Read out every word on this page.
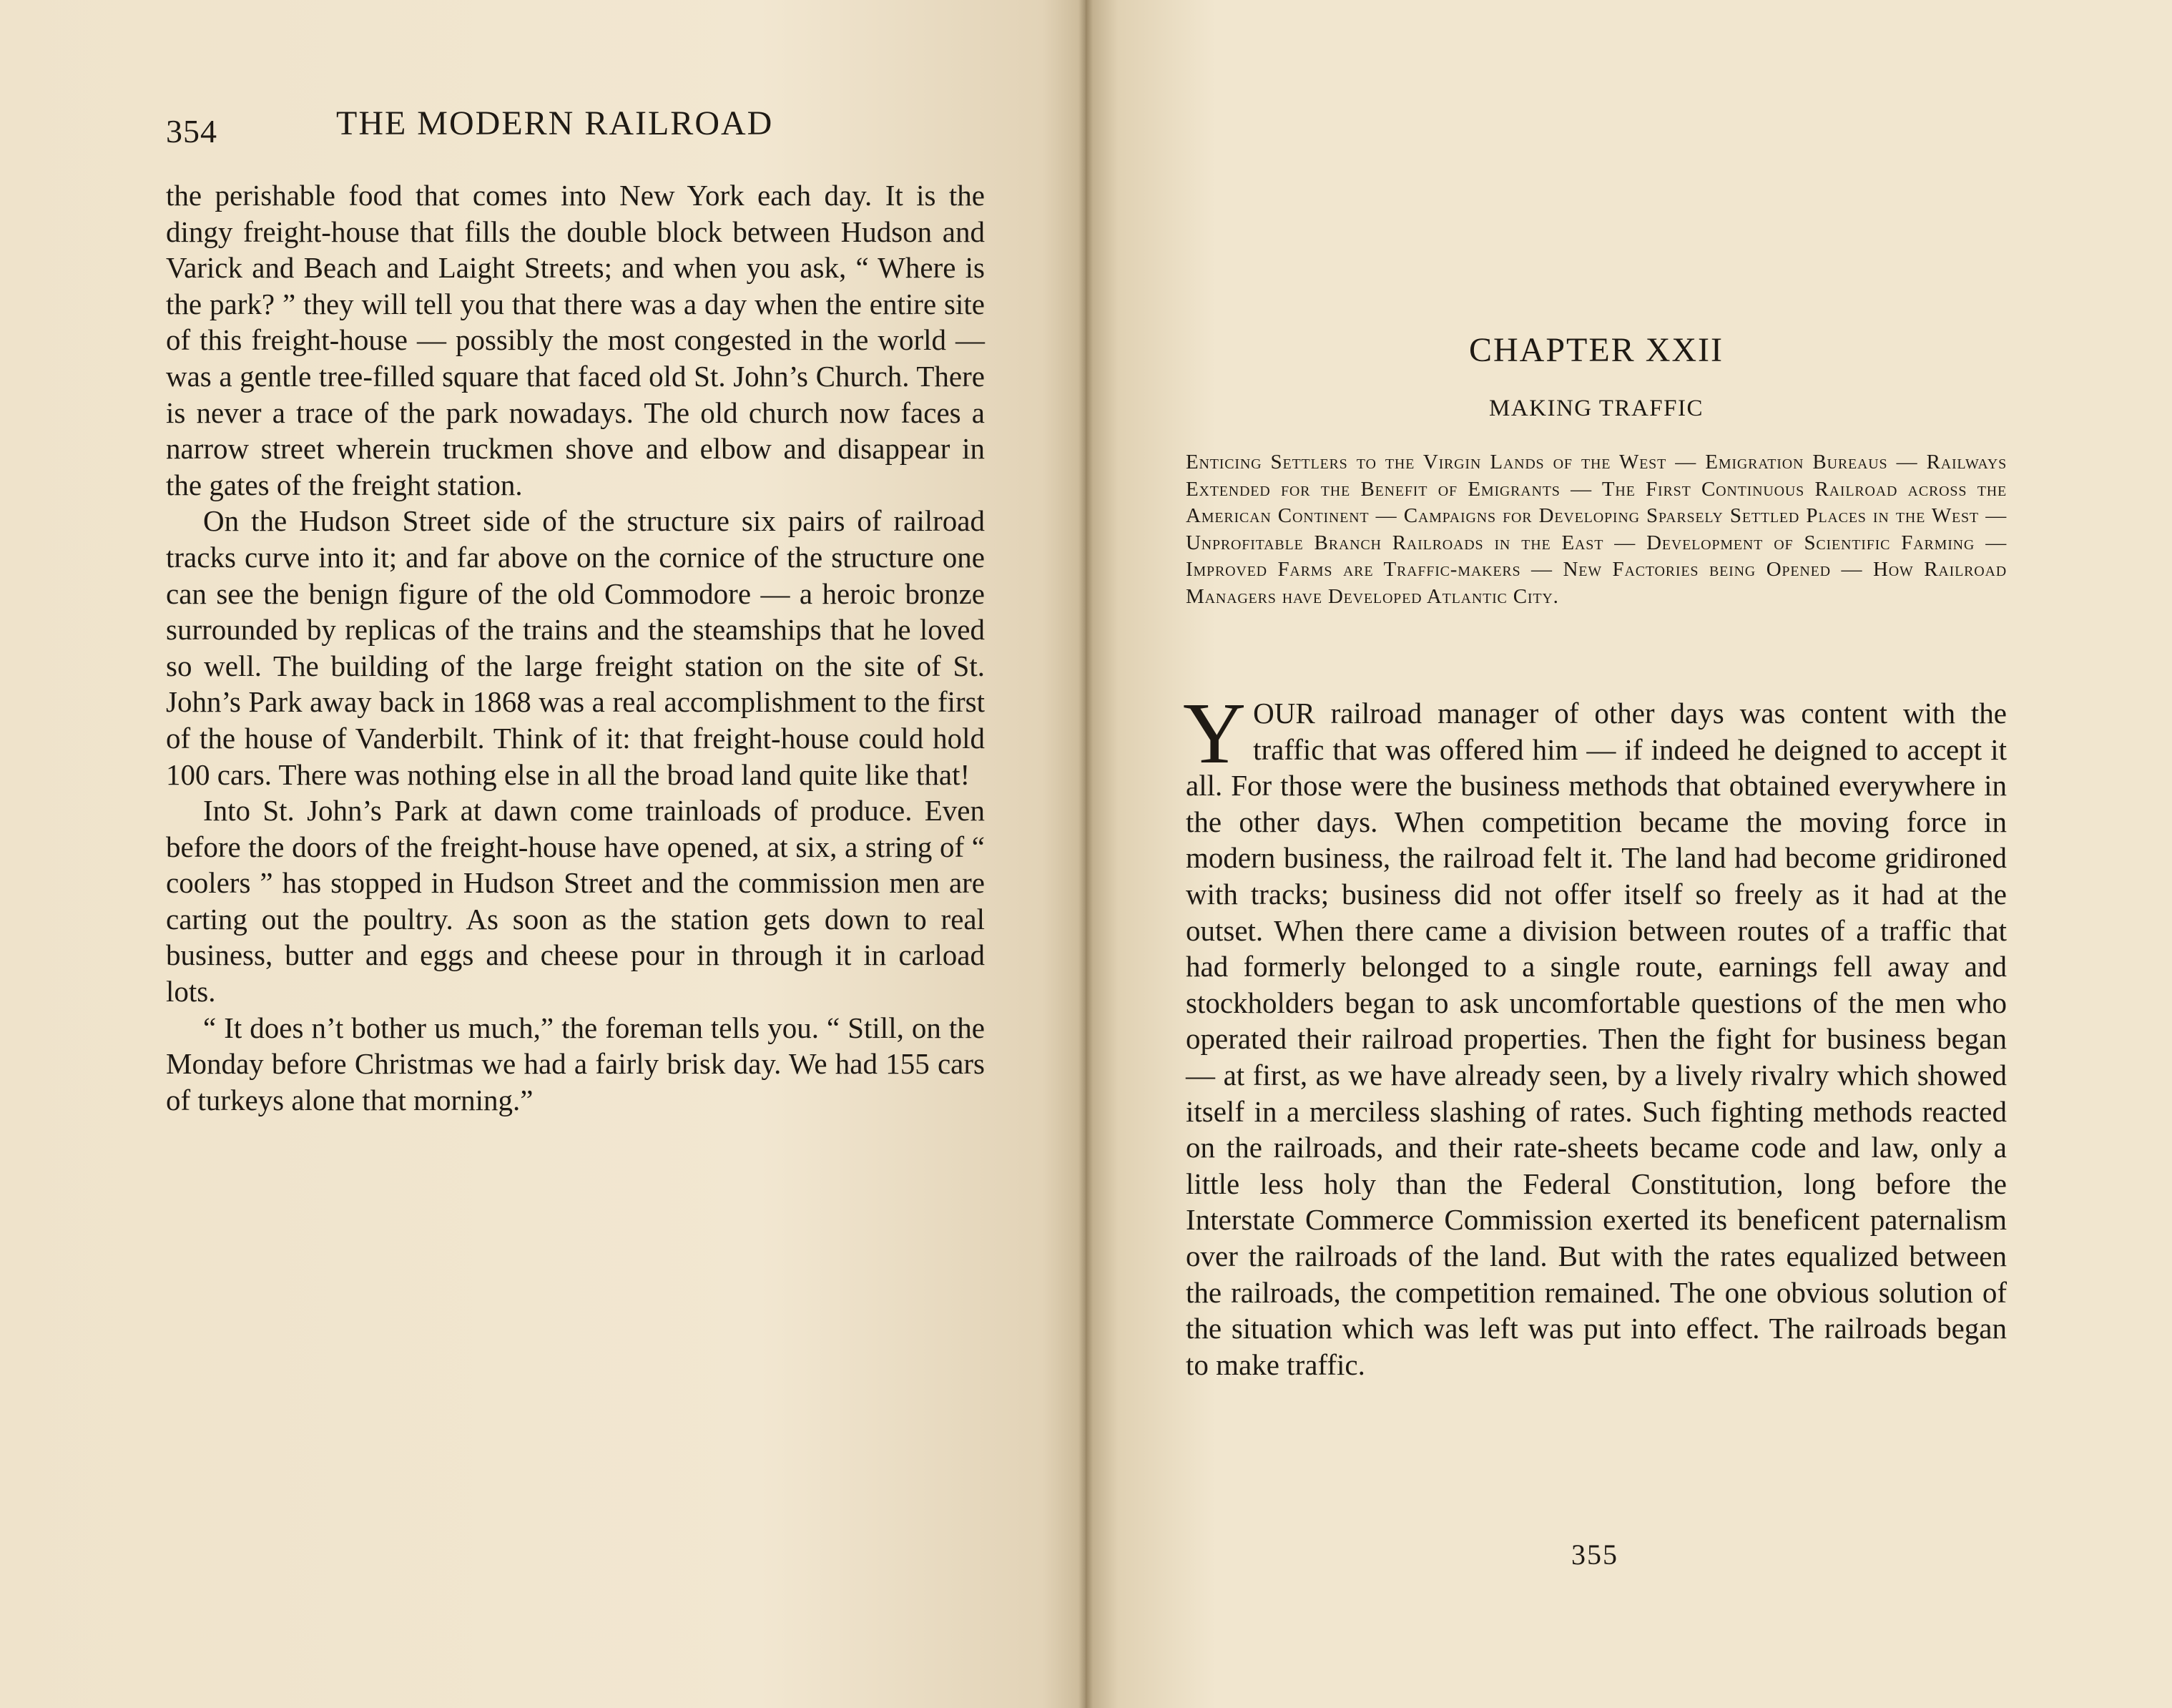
354	THE MODERN RAILROAD

the perishable food that comes into New York each day. It is the dingy freight-house that fills the double block between Hudson and Varick and Beach and Laight Streets; and when you ask, “ Where is the park? ” they will tell you that there was a day when the entire site of this freight-house — possibly the most congested in the world — was a gentle tree-filled square that faced old St. John’s Church. There is never a trace of the park nowadays. The old church now faces a narrow street wherein truckmen shove and elbow and disappear in the gates of the freight station.

On the Hudson Street side of the structure six pairs of railroad tracks curve into it; and far above on the cornice of the structure one can see the benign figure of the old Commodore — a heroic bronze surrounded by replicas of the trains and the steamships that he loved so well. The building of the large freight station on the site of St. John’s Park away back in 1868 was a real accomplishment to the first of the house of Vanderbilt. Think of it: that freight-house could hold 100 cars. There was nothing else in all the broad land quite like that!

Into St. John’s Park at dawn come trainloads of produce. Even before the doors of the freight-house have opened, at six, a string of “ coolers ” has stopped in Hudson Street and the commission men are carting out the poultry. As soon as the station gets down to real business, butter and eggs and cheese pour in through it in carload lots.

“ It does n’t bother us much,” the foreman tells you. “ Still, on the Monday before Christmas we had a fairly brisk day. We had 155 cars of turkeys alone that morning.”

CHAPTER XXII
MAKING TRAFFIC
Enticing Settlers to the Virgin Lands of the West — Emigration Bureaus — Railways Extended for the Benefit of Emigrants — The First Continuous Railroad across the American Continent — Campaigns for Developing Sparsely Settled Places in the West — Unprofitable Branch Railroads in the East — Development of Scientific Farming — Improved Farms are Traffic-makers — New Factories being Opened — How Railroad Managers have Developed Atlantic City.

YOUR railroad manager of other days was content with the traffic that was offered him — if indeed he deigned to accept it all. For those were the business methods that obtained everywhere in the other days. When competition became the moving force in modern business, the railroad felt it. The land had become gridironed with tracks; business did not offer itself so freely as it had at the outset. When there came a division between routes of a traffic that had formerly belonged to a single route, earnings fell away and stockholders began to ask uncomfortable questions of the men who operated their railroad properties. Then the fight for business began — at first, as we have already seen, by a lively rivalry which showed itself in a merciless slashing of rates. Such fighting methods reacted on the railroads, and their rate-sheets became code and law, only a little less holy than the Federal Constitution, long before the Interstate Commerce Commission exerted its beneficent paternalism over the railroads of the land. But with the rates equalized between the railroads, the competition remained. The one obvious solution of the situation which was left was put into effect. The railroads began to make traffic.

355
